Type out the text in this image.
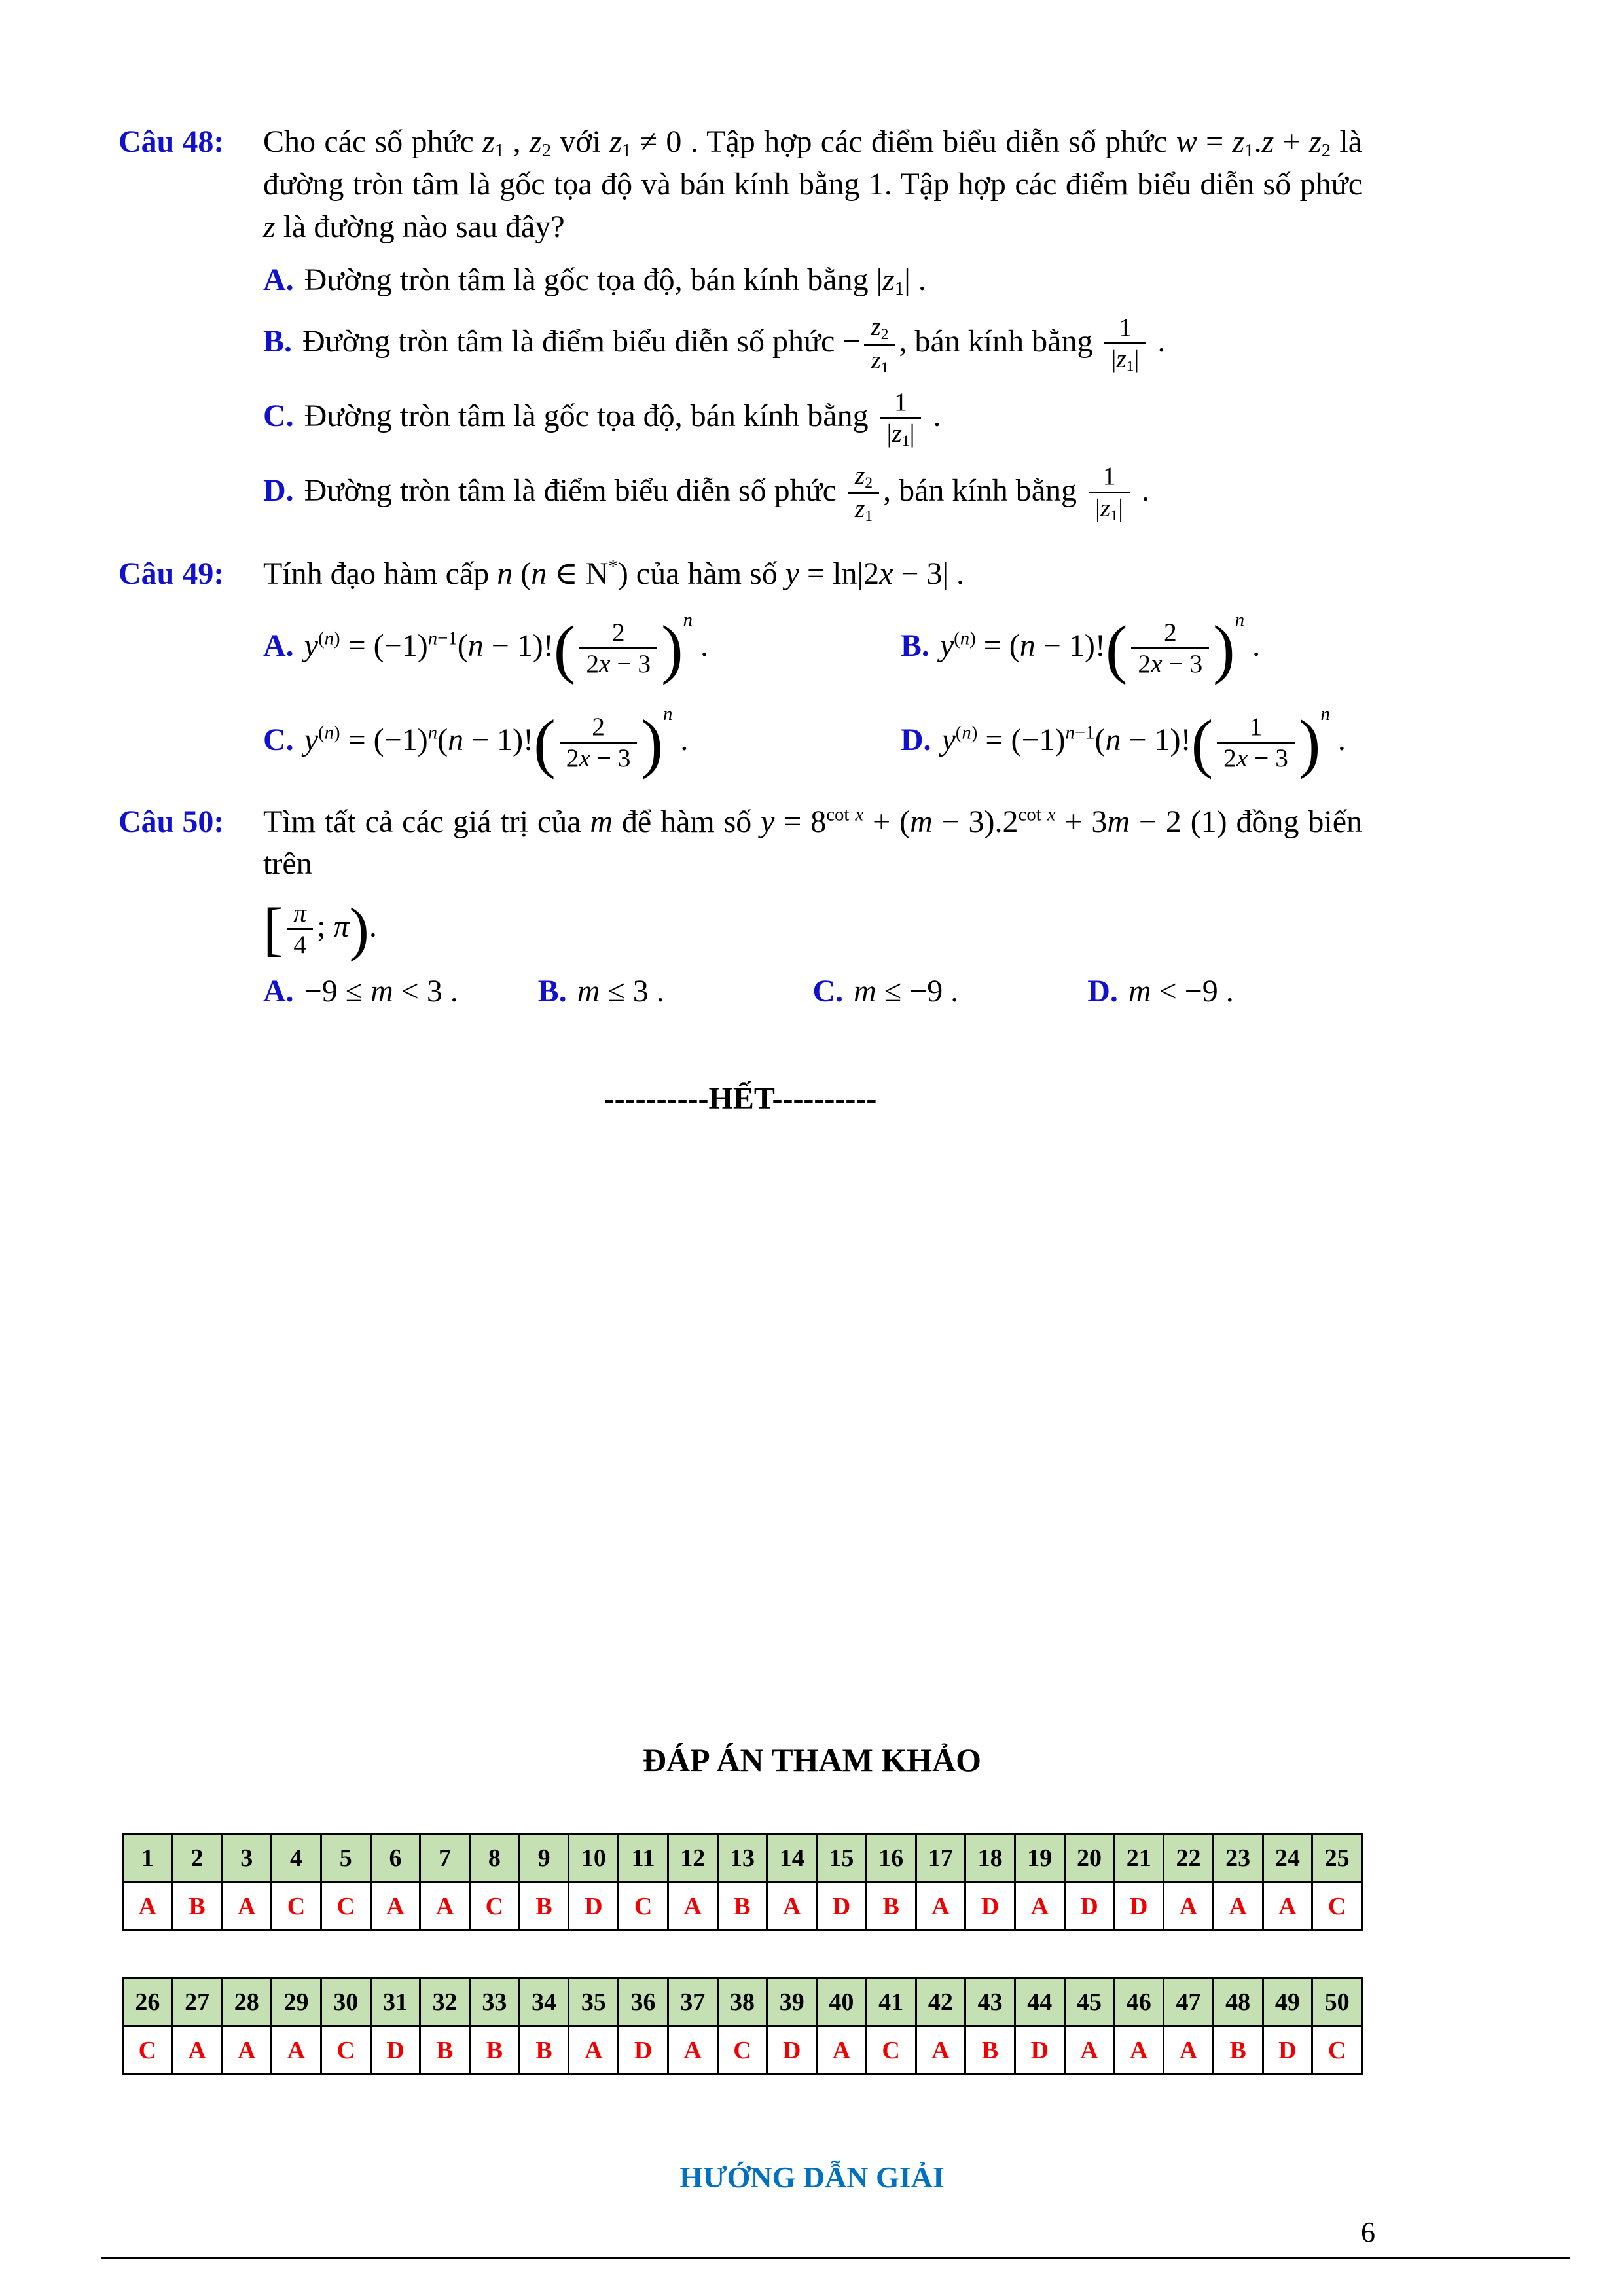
Câu 48:	Cho các số phức $z_1$ , $z_2$ với $z_1 \ne 0$ . Tập hợp các điểm biểu diễn số phức $w = z_1.z + z_2$ là đường tròn tâm là gốc tọa độ và bán kính bằng 1. Tập hợp các điểm biểu diễn số phức z là đường nào sau đây?

A. Đường tròn tâm là gốc tọa độ, bán kính bằng $|z_1|$ .
B. Đường tròn tâm là điểm biểu diễn số phức − $\frac{z_2}{z_1}$ , bán kính bằng $\frac{1}{|z_1|}$ .
C. Đường tròn tâm là gốc tọa độ, bán kính bằng $\frac{1}{|z_1|}$ .
D. Đường tròn tâm là điểm biểu diễn số phức $\frac{z_2}{z_1}$ , bán kính bằng $\frac{1}{|z_1|}$ .
Câu 49:	Tính đạo hàm cấp n (n ∈ N*) của hàm số y = ln|2x − 3| .

A. $y^{(n)} = (-1)^{n-1}(n - 1)!( \frac{2}{2x - 3} )^n$ .	B. $y^{(n)} = (n - 1)!( \frac{2}{2x - 3} )^n$ .
C. $y^{(n)} = (-1)^n(n - 1)!( \frac{2}{2x - 3} )^n$ .	D. $y^{(n)} = (-1)^{n-1}(n - 1)!( \frac{1}{2x - 3} )^n$ .
Câu 50:	Tìm tất cả các giá trị của m để hàm số $y = 8^{cot x} + (m - 3).2^{cot x} + 3m - 2$ (1) đồng biến trên

[ $\frac{\pi}{4}$ ; π).
A. −9 ≤ m < 3 .	B. m ≤ 3 .	C. m ≤ −9 .	D. m < −9 .
----------HẾT----------
ĐÁP ÁN THAM KHẢO
1	2	3	4	5	6	7	8	9	10	11	12 13 14 15 16 17 18 19 20 21 22 23 24 25
A	B	A	C	C	A	A	C	B	D	C	A	B	A	D	B	A	D	A	D	D	A	A	A	C
26 27 28 29 30 31 32 33 34 35 36 37 38 39 40 41 42 43 44 45 46 47 48 49 50
C	A	A	A	C	D	B	B	B	A	D	A	C	D	A	C	A	B	D	A	A	A	B	D	C
HƯỚNG DẪN GIẢI
6
